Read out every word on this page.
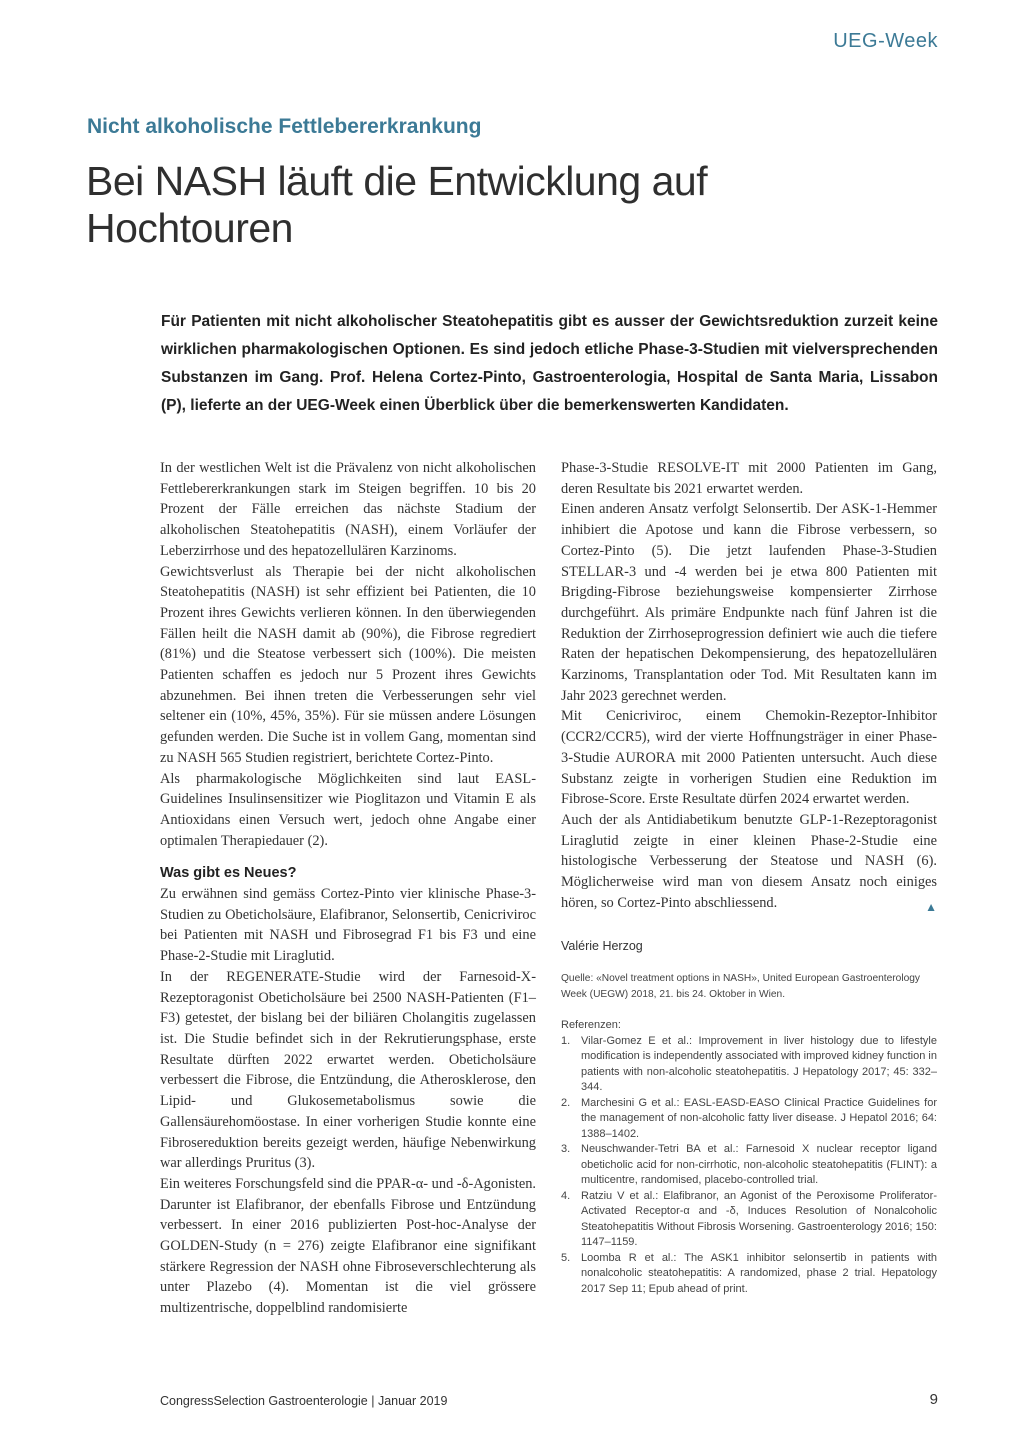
UEG-Week
Nicht alkoholische Fettlebererkrankung
Bei NASH läuft die Entwicklung auf Hochtouren

Für Patienten mit nicht alkoholischer Steatohepatitis gibt es ausser der Gewichtsreduktion zurzeit keine wirklichen pharmakologischen Optionen. Es sind jedoch etliche Phase-3-Studien mit vielversprechenden Substanzen im Gang. Prof. Helena Cortez-Pinto, Gastroenterologia, Hospital de Santa Maria, Lissabon (P), lieferte an der UEG-Week einen Überblick über die bemerkenswerten Kandidaten.

In der westlichen Welt ist die Prävalenz von nicht alkoholischen Fettlebererkrankungen stark im Steigen begriffen. 10 bis 20 Prozent der Fälle erreichen das nächste Stadium der alkoholischen Steatohepatitis (NASH), einem Vorläufer der Leberzirrhose und des hepatozellulären Karzinoms.

Gewichtsverlust als Therapie bei der nicht alkoholischen Steatohepatitis (NASH) ist sehr effizient bei Patienten, die 10 Prozent ihres Gewichts verlieren können. In den überwiegenden Fällen heilt die NASH damit ab (90%), die Fibrose regrediert (81%) und die Steatose verbessert sich (100%). Die meisten Patienten schaffen es jedoch nur 5 Prozent ihres Gewichts abzunehmen. Bei ihnen treten die Verbesserungen sehr viel seltener ein (10%, 45%, 35%). Für sie müssen andere Lösungen gefunden werden. Die Suche ist in vollem Gang, momentan sind zu NASH 565 Studien registriert, berichtete Cortez-Pinto.

Als pharmakologische Möglichkeiten sind laut EASL-Guidelines Insulinsensitizer wie Pioglitazon und Vitamin E als Antioxidans einen Versuch wert, jedoch ohne Angabe einer optimalen Therapiedauer (2).

Was gibt es Neues?

Zu erwähnen sind gemäss Cortez-Pinto vier klinische Phase-3-Studien zu Obeticholsäure, Elafibranor, Selonsertib, Cenicriviroc bei Patienten mit NASH und Fibrosegrad F1 bis F3 und eine Phase-2-Studie mit Liraglutid.

In der REGENERATE-Studie wird der Farnesoid-X-Rezeptoragonist Obeticholsäure bei 2500 NASH-Patienten (F1–F3) getestet, der bislang bei der biliären Cholangitis zugelassen ist. Die Studie befindet sich in der Rekrutierungsphase, erste Resultate dürften 2022 erwartet werden. Obeticholsäure verbessert die Fibrose, die Entzündung, die Atherosklerose, den Lipid- und Glukosemetabolismus sowie die Gallensäurehomöostase. In einer vorherigen Studie konnte eine Fibrosereduktion bereits gezeigt werden, häufige Nebenwirkung war allerdings Pruritus (3).

Ein weiteres Forschungsfeld sind die PPAR-α- und -δ-Agonisten. Darunter ist Elafibranor, der ebenfalls Fibrose und Entzündung verbessert. In einer 2016 publizierten Post-hoc-Analyse der GOLDEN-Study (n = 276) zeigte Elafibranor eine signifikant stärkere Regression der NASH ohne Fibroseverschlechterung als unter Plazebo (4). Momentan ist die viel grössere multizentrische, doppelblind randomisierte

Phase-3-Studie RESOLVE-IT mit 2000 Patienten im Gang, deren Resultate bis 2021 erwartet werden.

Einen anderen Ansatz verfolgt Selonsertib. Der ASK-1-Hemmer inhibiert die Apotose und kann die Fibrose verbessern, so Cortez-Pinto (5). Die jetzt laufenden Phase-3-Studien STELLAR-3 und -4 werden bei je etwa 800 Patienten mit Brigding-Fibrose beziehungsweise kompensierter Zirrhose durchgeführt. Als primäre Endpunkte nach fünf Jahren ist die Reduktion der Zirrhoseprogression definiert wie auch die tiefere Raten der hepatischen Dekompensierung, des hepatozellulären Karzinoms, Transplantation oder Tod. Mit Resultaten kann im Jahr 2023 gerechnet werden.

Mit Cenicriviroc, einem Chemokin-Rezeptor-Inhibitor (CCR2/CCR5), wird der vierte Hoffnungsträger in einer Phase-3-Studie AURORA mit 2000 Patienten untersucht. Auch diese Substanz zeigte in vorherigen Studien eine Reduktion im Fibrose-Score. Erste Resultate dürfen 2024 erwartet werden.

Auch der als Antidiabetikum benutzte GLP-1-Rezeptoragonist Liraglutid zeigte in einer kleinen Phase-2-Studie eine histologische Verbesserung der Steatose und NASH (6). Möglicherweise wird man von diesem Ansatz noch einiges hören, so Cortez-Pinto abschliessend.	▲

Valérie Herzog
Quelle: «Novel treatment options in NASH», United European Gastroenterology Week (UEGW) 2018, 21. bis 24. Oktober in Wien.
Referenzen:
1. Vilar-Gomez E et al.: Improvement in liver histology due to lifestyle modification is independently associated with improved kidney function in patients with non-alcoholic steatohepatitis. J Hepatology 2017; 45: 332–344.
2. Marchesini G et al.: EASL-EASD-EASO Clinical Practice Guidelines for the management of non-alcoholic fatty liver disease. J Hepatol 2016; 64: 1388–1402.
3. Neuschwander-Tetri BA et al.: Farnesoid X nuclear receptor ligand obeticholic acid for non-cirrhotic, non-alcoholic steatohepatitis (FLINT): a multicentre, randomised, placebo-controlled trial.
4. Ratziu V et al.: Elafibranor, an Agonist of the Peroxisome Proliferator-Activated Receptor-α and -δ, Induces Resolution of Nonalcoholic Steatohepatitis Without Fibrosis Worsening. Gastroenterology 2016; 150: 1147–1159.
5. Loomba R et al.: The ASK1 inhibitor selonsertib in patients with nonalcoholic steatohepatitis: A randomized, phase 2 trial. Hepatology 2017 Sep 11; Epub ahead of print.
CongressSelection Gastroenterologie | Januar 2019	9
